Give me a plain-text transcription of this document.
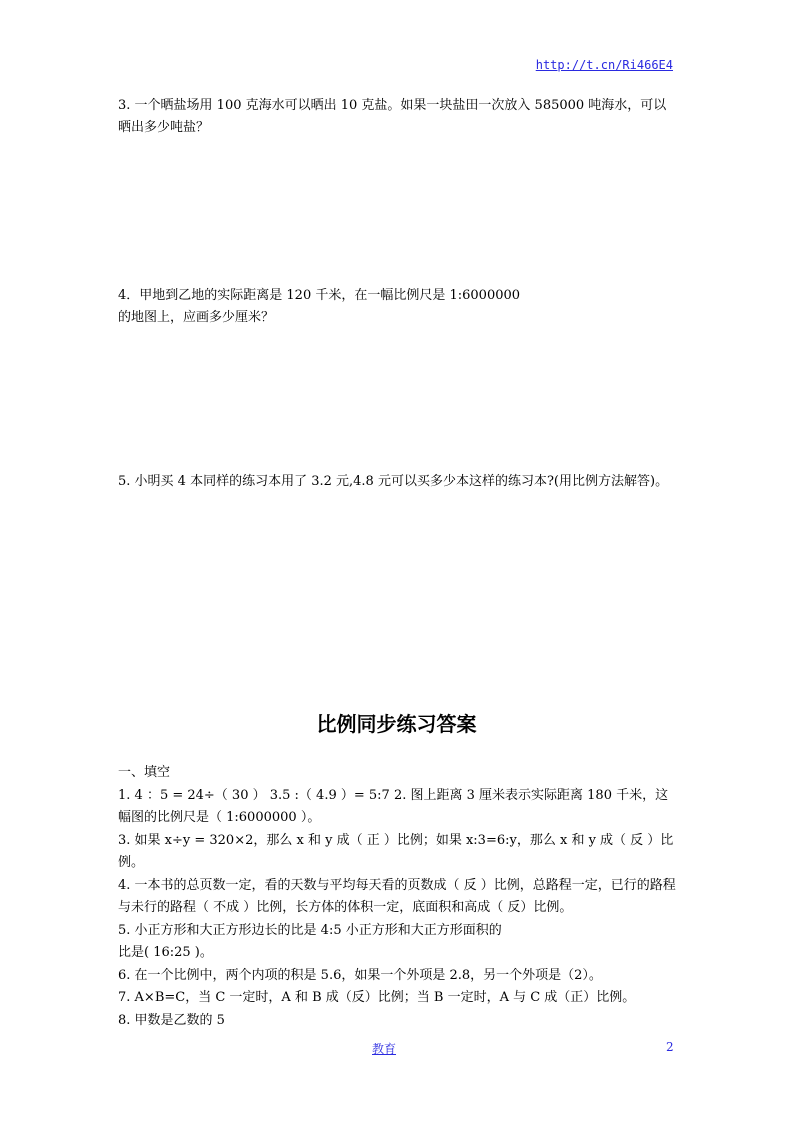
http://t.cn/Ri466E4
3. 一个晒盐场用 100 克海水可以晒出 10 克盐。如果一块盐田一次放入 585000 吨海水，可以晒出多少吨盐？
4．甲地到乙地的实际距离是 120 千米，在一幅比例尺是 1:6000000
的地图上，应画多少厘米？
5. 小明买 4 本同样的练习本用了 3.2 元,4.8 元可以买多少本这样的练习本?(用比例方法解答)。
比例同步练习答案

一、填空

1. 4 ：5 = 24÷（ 30 ） 3.5 :（ 4.9 ）= 5:7 2. 图上距离 3 厘米表示实际距离 180 千米，这幅图的比例尺是（ 1:6000000 ）。

3. 如果 x÷y = 320×2，那么 x 和 y 成（ 正 ）比例；如果 x:3=6:y，那么 x 和 y 成（ 反 ）比例。

4. 一本书的总页数一定，看的天数与平均每天看的页数成（ 反 ）比例，总路程一定，已行的路程与未行的路程（ 不成 ）比例，长方体的体积一定，底面积和高成（ 反）比例。

5. 小正方形和大正方形边长的比是 4:5 小正方形和大正方形面积的

比是( 16:25 )。

6. 在一个比例中，两个内项的积是 5.6，如果一个外项是 2.8，另一个外项是（2）。

7. A×B=C，当 C 一定时，A 和 B 成（反）比例；当 B 一定时，A 与 C 成（正）比例。

8. 甲数是乙数的 5

教育	2
